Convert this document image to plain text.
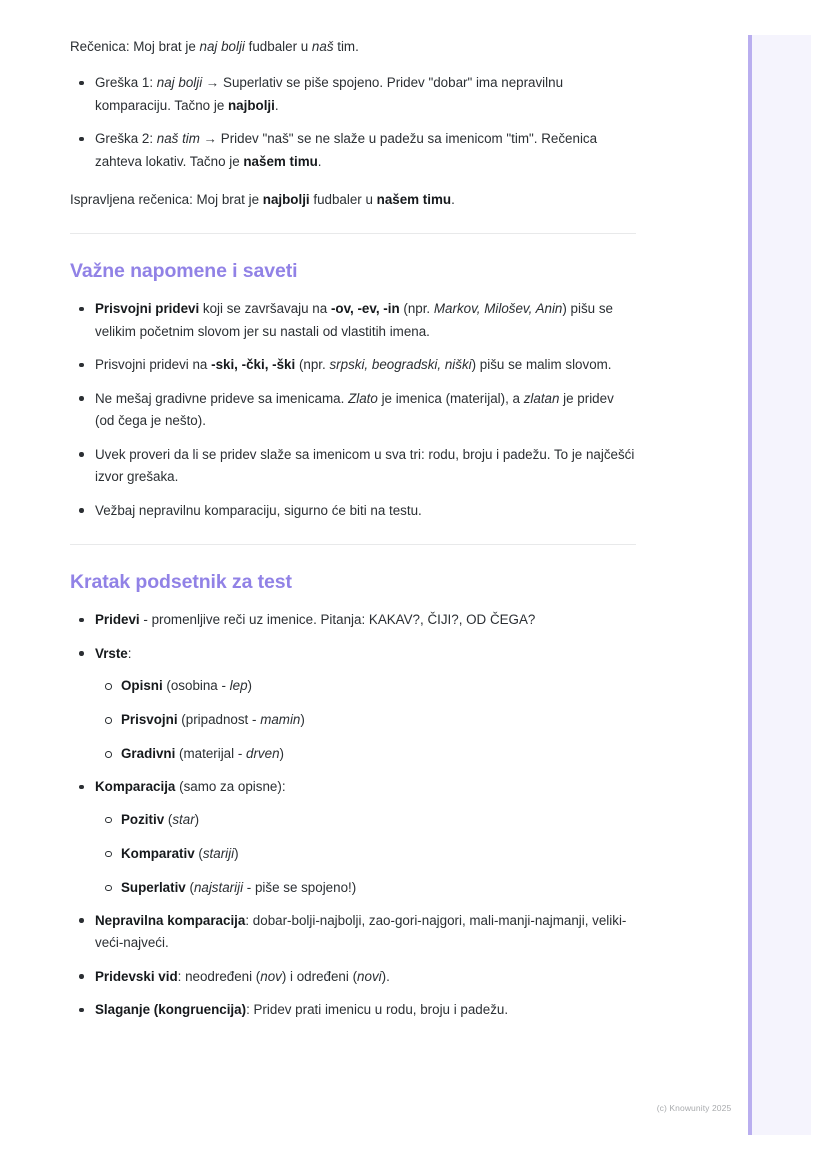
Rečenica: Moj brat je naj bolji fudbaler u naš tim.

Greška 1: naj bolji → Superlativ se piše spojeno. Pridev "dobar" ima nepravilnu komparaciju. Tačno je najbolji.
Greška 2: naš tim → Pridev "naš" se ne slaže u padežu sa imenicom "tim". Rečenica zahteva lokativ. Tačno je našem timu.

Ispravljena rečenica: Moj brat je najbolji fudbaler u našem timu.

Važne napomene i saveti
Prisvojni pridevi koji se završavaju na -ov, -ev, -in (npr. Markov, Milošev, Anin) pišu se velikim početnim slovom jer su nastali od vlastitih imena.
Prisvojni pridevi na -ski, -čki, -ški (npr. srpski, beogradski, niški) pišu se malim slovom.
Ne mešaj gradivne prideve sa imenicama. Zlato je imenica (materijal), a zlatan je pridev (od čega je nešto).
Uvek proveri da li se pridev slaže sa imenicom u sva tri: rodu, broju i padežu. To je najčešći izvor grešaka.
Vežbaj nepravilnu komparaciju, sigurno će biti na testu.
Kratak podsetnik za test
Pridevi - promenljive reči uz imenice. Pitanja: KAKAV?, ČIJI?, OD ČEGA?
Vrste:
Opisni (osobina - lep)
Prisvojni (pripadnost - mamin)
Gradivni (materijal - drven)
Komparacija (samo za opisne):
Pozitiv (star)
Komparativ (stariji)
Superlativ (najstariji - piše se spojeno!)
Nepravilna komparacija: dobar-bolji-najbolji, zao-gori-najgori, mali-manji-najmanji, veliki-veći-najveći.
Pridevski vid: neodređeni (nov) i određeni (novi).
Slaganje (kongruencija): Pridev prati imenicu u rodu, broju i padežu.
(c) Knowunity 2025
